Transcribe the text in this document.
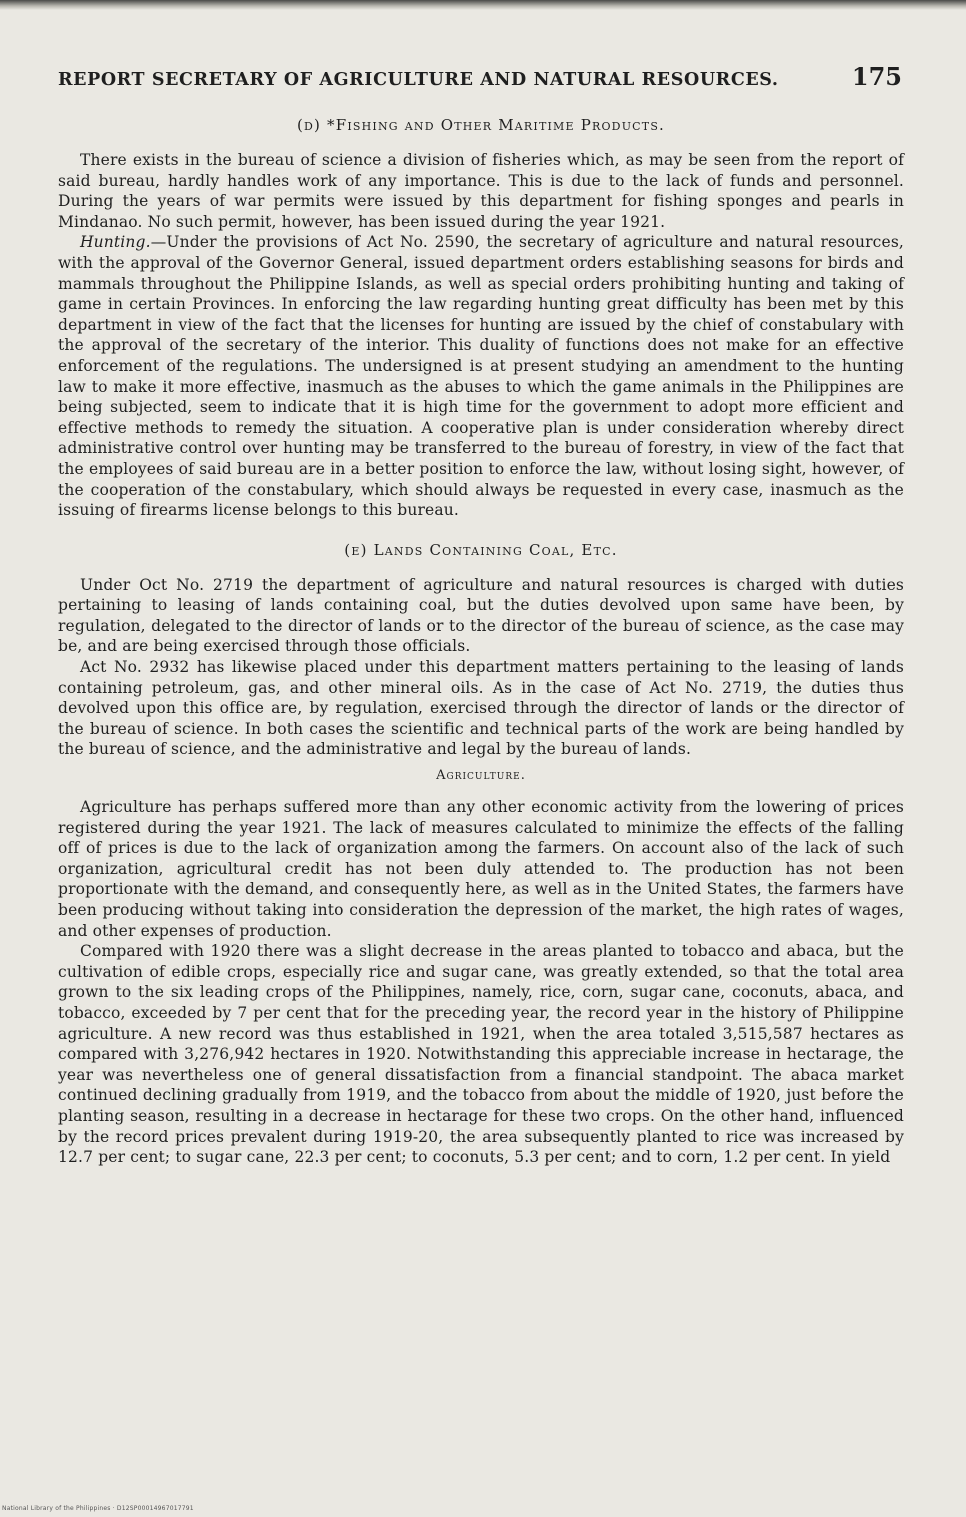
REPORT SECRETARY OF AGRICULTURE AND NATURAL RESOURCES.	175
(d) *Fishing and Other Maritime Products.

There exists in the bureau of science a division of fisheries which, as may be seen from the report of said bureau, hardly handles work of any importance. This is due to the lack of funds and personnel. During the years of war permits were issued by this department for fishing sponges and pearls in Mindanao. No such permit, however, has been issued during the year 1921.

Hunting.—Under the provisions of Act No. 2590, the secretary of agriculture and natural resources, with the approval of the Governor General, issued department orders establishing seasons for birds and mammals throughout the Philippine Islands, as well as special orders prohibiting hunting and taking of game in certain Provinces. In enforcing the law regarding hunting great difficulty has been met by this department in view of the fact that the licenses for hunting are issued by the chief of constabulary with the approval of the secretary of the interior. This duality of functions does not make for an effective enforcement of the regulations. The undersigned is at present studying an amendment to the hunting law to make it more effective, inasmuch as the abuses to which the game animals in the Philippines are being subjected, seem to indicate that it is high time for the government to adopt more efficient and effective methods to remedy the situation. A cooperative plan is under consideration whereby direct administrative control over hunting may be transferred to the bureau of forestry, in view of the fact that the employees of said bureau are in a better position to enforce the law, without losing sight, however, of the cooperation of the constabulary, which should always be requested in every case, inasmuch as the issuing of firearms license belongs to this bureau.

(e) Lands Containing Coal, Etc.

Under Oct No. 2719 the department of agriculture and natural resources is charged with duties pertaining to leasing of lands containing coal, but the duties devolved upon same have been, by regulation, delegated to the director of lands or to the director of the bureau of science, as the case may be, and are being exercised through those officials.

Act No. 2932 has likewise placed under this department matters pertaining to the leasing of lands containing petroleum, gas, and other mineral oils. As in the case of Act No. 2719, the duties thus devolved upon this office are, by regulation, exercised through the director of lands or the director of the bureau of science. In both cases the scientific and technical parts of the work are being handled by the bureau of science, and the administrative and legal by the bureau of lands.

Agriculture.

Agriculture has perhaps suffered more than any other economic activity from the lowering of prices registered during the year 1921. The lack of measures calculated to minimize the effects of the falling off of prices is due to the lack of organization among the farmers. On account also of the lack of such organization, agricultural credit has not been duly attended to. The production has not been proportionate with the demand, and consequently here, as well as in the United States, the farmers have been producing without taking into consideration the depression of the market, the high rates of wages, and other expenses of production.

Compared with 1920 there was a slight decrease in the areas planted to tobacco and abaca, but the cultivation of edible crops, especially rice and sugar cane, was greatly extended, so that the total area grown to the six leading crops of the Philippines, namely, rice, corn, sugar cane, coconuts, abaca, and tobacco, exceeded by 7 per cent that for the preceding year, the record year in the history of Philippine agriculture. A new record was thus established in 1921, when the area totaled 3,515,587 hectares as compared with 3,276,942 hectares in 1920. Notwithstanding this appreciable increase in hectarage, the year was nevertheless one of general dissatisfaction from a financial standpoint. The abaca market continued declining gradually from 1919, and the tobacco from about the middle of 1920, just before the planting season, resulting in a decrease in hectarage for these two crops. On the other hand, influenced by the record prices prevalent during 1919-20, the area subsequently planted to rice was increased by 12.7 per cent; to sugar cane, 22.3 per cent; to coconuts, 5.3 per cent; and to corn, 1.2 per cent. In yield

National Library of the Philippines · D12SP00014967017791
